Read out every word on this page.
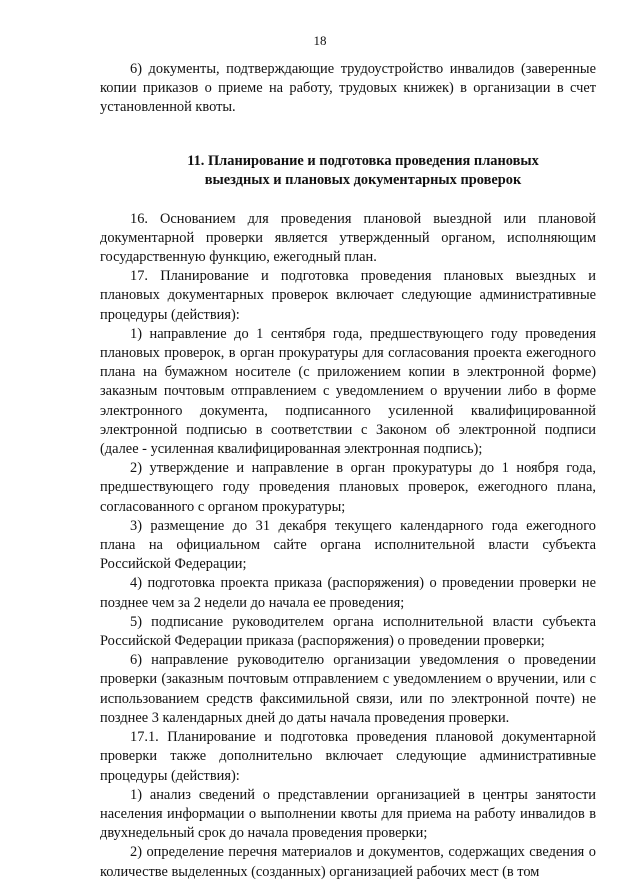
18

6) документы, подтверждающие трудоустройство инвалидов (заверенные копии приказов о приеме на работу, трудовых книжек) в организации в счет установленной квоты.

11. Планирование и подготовка проведения плановых
выездных и плановых документарных проверок

16. Основанием для проведения плановой выездной или плановой документарной проверки является утвержденный органом, исполняющим государственную функцию, ежегодный план.

17. Планирование и подготовка проведения плановых выездных и плановых документарных проверок включает следующие административные процедуры (действия):

1) направление до 1 сентября года, предшествующего году проведения плановых проверок, в орган прокуратуры для согласования проекта ежегодного плана на бумажном носителе (с приложением копии в электронной форме) заказным почтовым отправлением с уведомлением о вручении либо в форме электронного документа, подписанного усиленной квалифицированной электронной подписью в соответствии с Законом об электронной подписи (далее - усиленная квалифицированная электронная подпись);

2) утверждение и направление в орган прокуратуры до 1 ноября года, предшествующего году проведения плановых проверок, ежегодного плана, согласованного с органом прокуратуры;

3) размещение до 31 декабря текущего календарного года ежегодного плана на официальном сайте органа исполнительной власти субъекта Российской Федерации;

4) подготовка проекта приказа (распоряжения) о проведении проверки не позднее чем за 2 недели до начала ее проведения;

5) подписание руководителем органа исполнительной власти субъекта Российской Федерации приказа (распоряжения) о проведении проверки;

6) направление руководителю организации уведомления о проведении проверки (заказным почтовым отправлением с уведомлением о вручении, или с использованием средств факсимильной связи, или по электронной почте) не позднее 3 календарных дней до даты начала проведения проверки.

17.1. Планирование и подготовка проведения плановой документарной проверки также дополнительно включает следующие административные процедуры (действия):

1) анализ сведений о представлении организацией в центры занятости населения информации о выполнении квоты для приема на работу инвалидов в двухнедельный срок до начала проведения проверки;

2) определение перечня материалов и документов, содержащих сведения о количестве выделенных (созданных) организацией рабочих мест (в том
